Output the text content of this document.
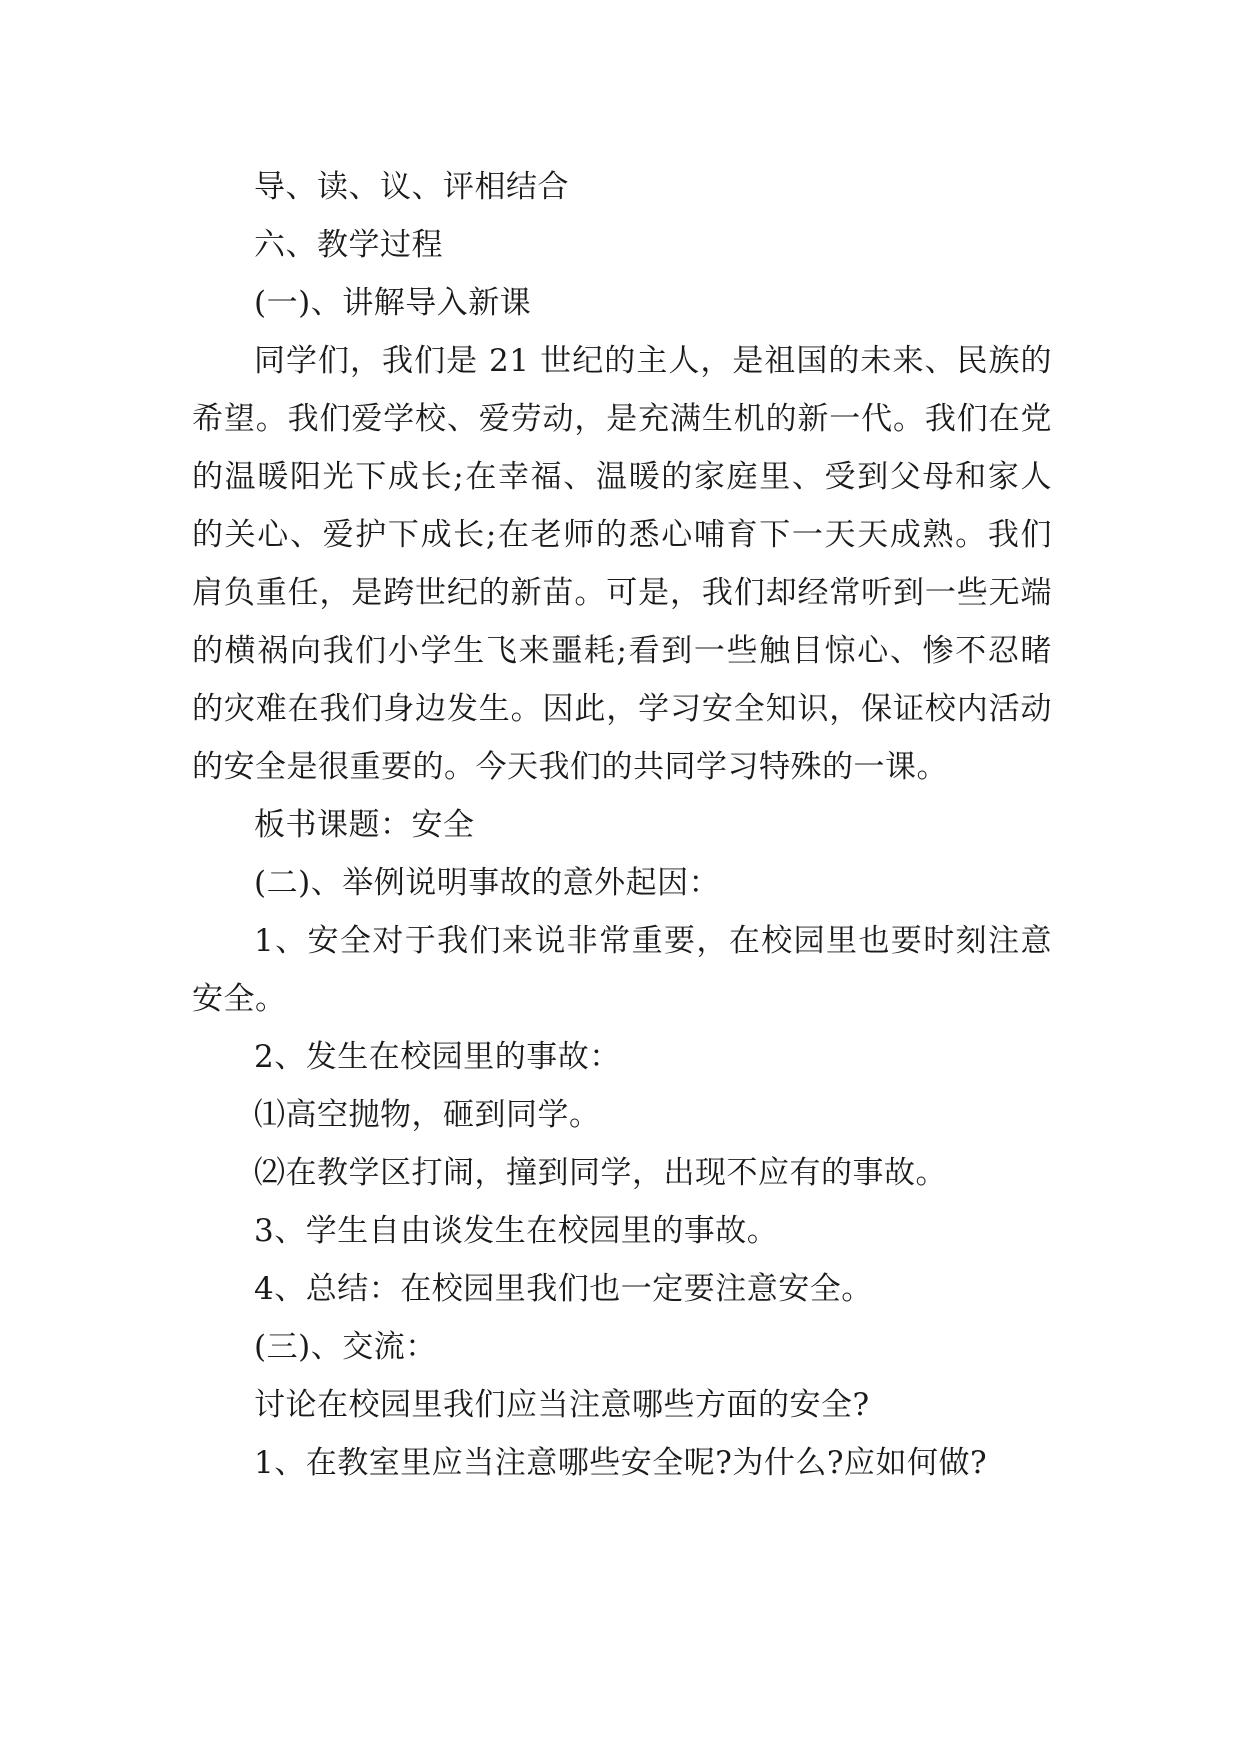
导、读、议、评相结合

六、教学过程

(一)、讲解导入新课

同学们，我们是 21 世纪的主人，是祖国的未来、民族的希望。我们爱学校、爱劳动，是充满生机的新一代。我们在党的温暖阳光下成长;在幸福、温暖的家庭里、受到父母和家人的关心、爱护下成长;在老师的悉心哺育下一天天成熟。我们肩负重任，是跨世纪的新苗。可是，我们却经常听到一些无端的横祸向我们小学生飞来噩耗;看到一些触目惊心、惨不忍睹的灾难在我们身边发生。因此，学习安全知识，保证校内活动的安全是很重要的。今天我们的共同学习特殊的一课。

板书课题：安全

(二)、举例说明事故的意外起因：

1、安全对于我们来说非常重要，在校园里也要时刻注意安全。

2、发生在校园里的事故：

⑴高空抛物，砸到同学。

⑵在教学区打闹，撞到同学，出现不应有的事故。

3、学生自由谈发生在校园里的事故。

4、总结：在校园里我们也一定要注意安全。

(三)、交流：

讨论在校园里我们应当注意哪些方面的安全?

1、在教室里应当注意哪些安全呢?为什么?应如何做?
